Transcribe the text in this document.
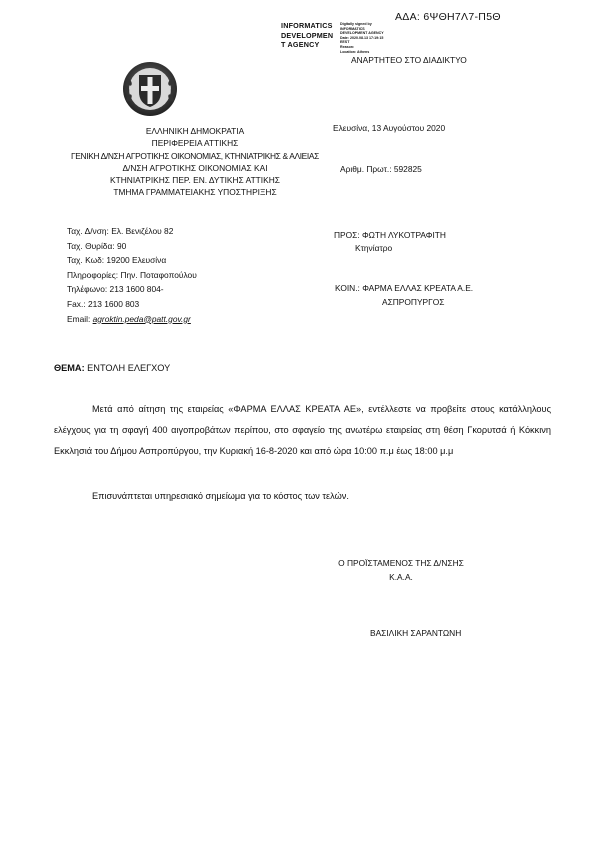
ΑΔΑ: 6ΨΘΗ7Λ7-Π5Θ
INFORMATICS
DEVELOPMEN
T AGENCY
Digitally signed by
INFORMATICS
DEVELOPMENT AGENCY
Date: 2020.08.13 17:19:15
EEST
Reason:
Location: Athens
ΑΝΑΡΤΗΤΕΟ ΣΤΟ ΔΙΑΔΙΚΤΥΟ
ΕΛΛΗΝΙΚΗ ΔΗΜΟΚΡΑΤΙΑ
ΠΕΡΙΦΕΡΕΙΑ ΑΤΤΙΚΗΣ
ΓΕΝΙΚΗ Δ/ΝΣΗ ΑΓΡΟΤΙΚΗΣ ΟΙΚΟΝΟΜΙΑΣ, ΚΤΗΝΙΑΤΡΙΚΗΣ & ΑΛΙΕΙΑΣ
Δ/ΝΣΗ ΑΓΡΟΤΙΚΗΣ ΟΙΚΟΝΟΜΙΑΣ ΚΑΙ
ΚΤΗΝΙΑΤΡΙΚΗΣ ΠΕΡ. ΕΝ. ΔΥΤΙΚΗΣ ΑΤΤΙΚΗΣ
ΤΜΗΜΑ ΓΡΑΜΜΑΤΕΙΑΚΗΣ ΥΠΟΣΤΗΡΙΞΗΣ
Ελευσίνα, 13 Αυγούστου 2020
Αριθμ. Πρωτ.: 592825
Ταχ. Δ/νση: Ελ. Βενιζέλου 82
Ταχ. Θυρίδα: 90
Ταχ. Κωδ: 19200 Ελευσίνα
Πληροφορίες: Πην. Ποταφοπούλου
Τηλέφωνο: 213 1600 804-
Fax.: 213 1600 803
Email: agroktin.peda@patt.gov.gr
ΠΡΟΣ: ΦΩΤΗ ΛΥΚΟΤΡΑΦΙΤΗ
Κτηνίατρο
ΚΟΙΝ.: ΦΑΡΜΑ ΕΛΛΑΣ ΚΡΕΑΤΑ Α.Ε.
ΑΣΠΡΟΠΥΡΓΟΣ
ΘΕΜΑ: ΕΝΤΟΛΗ ΕΛΕΓΧΟΥ
Μετά από αίτηση της εταιρείας «ΦΑΡΜΑ ΕΛΛΑΣ ΚΡΕΑΤΑ ΑΕ», εντέλλεστε να προβείτε στους κατάλληλους ελέγχους για τη σφαγή 400 αιγοπροβάτων περίπου, στο σφαγείο της ανωτέρω εταιρείας στη θέση Γκορυτσά ή Κόκκινη Εκκλησιά του Δήμου Ασπροπύργου, την Κυριακή 16-8-2020 και από ώρα 10:00 π.μ έως 18:00 μ.μ
Επισυνάπτεται υπηρεσιακό σημείωμα για το κόστος των τελών.
Ο ΠΡΟΪΣΤΑΜΕΝΟΣ ΤΗΣ Δ/ΝΣΗΣ
Κ.Α.Α.
ΒΑΣΙΛΙΚΗ ΣΑΡΑΝΤΩΝΗ
